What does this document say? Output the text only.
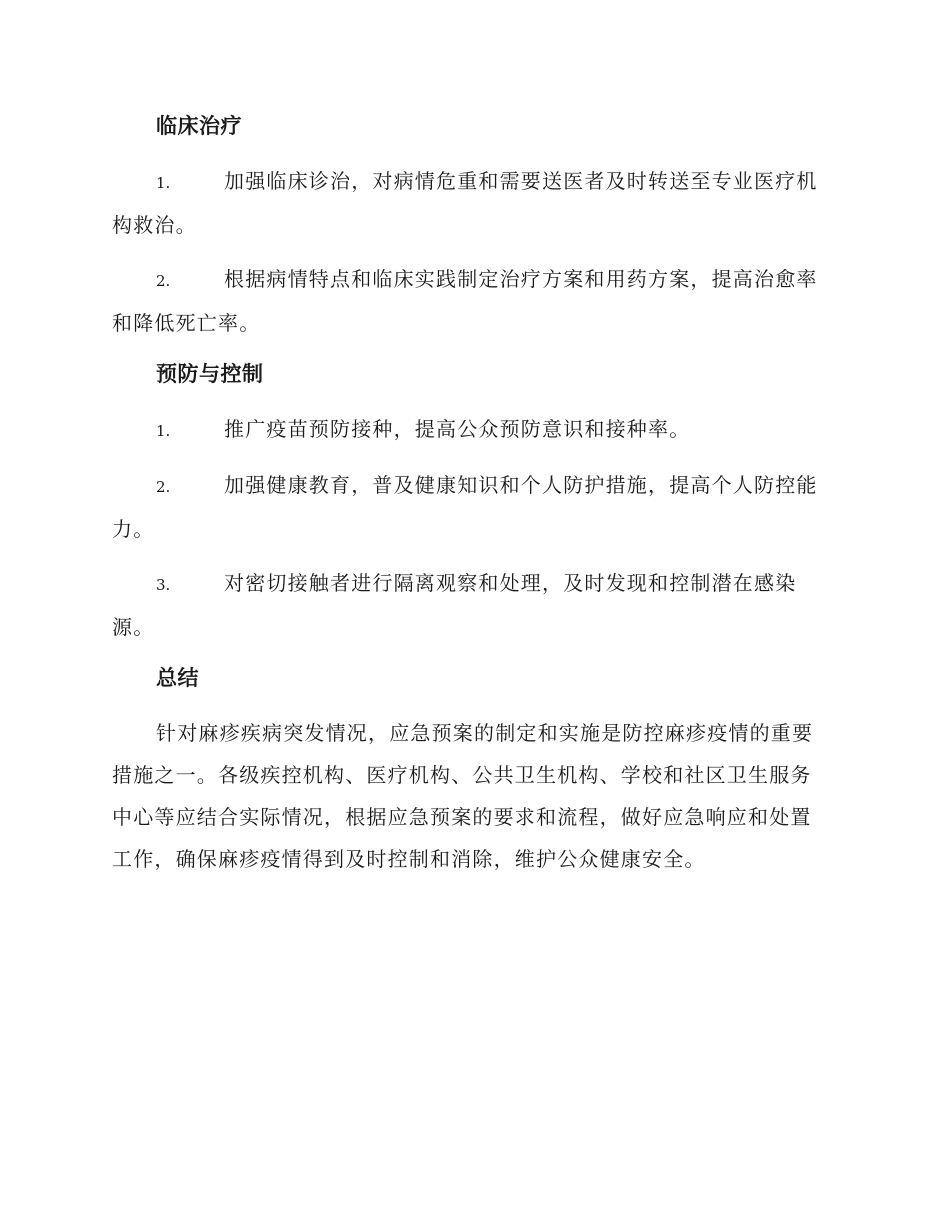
临床治疗
1.	加强临床诊治，对病情危重和需要送医者及时转送至专业医疗机构救治。
2.	根据病情特点和临床实践制定治疗方案和用药方案，提高治愈率和降低死亡率。
预防与控制
1.	推广疫苗预防接种，提高公众预防意识和接种率。
2.	加强健康教育，普及健康知识和个人防护措施，提高个人防控能力。
3.	对密切接触者进行隔离观察和处理，及时发现和控制潜在感染源。
总结

针对麻疹疾病突发情况，应急预案的制定和实施是防控麻疹疫情的重要措施之一。各级疾控机构、医疗机构、公共卫生机构、学校和社区卫生服务中心等应结合实际情况，根据应急预案的要求和流程，做好应急响应和处置工作，确保麻疹疫情得到及时控制和消除，维护公众健康安全。
